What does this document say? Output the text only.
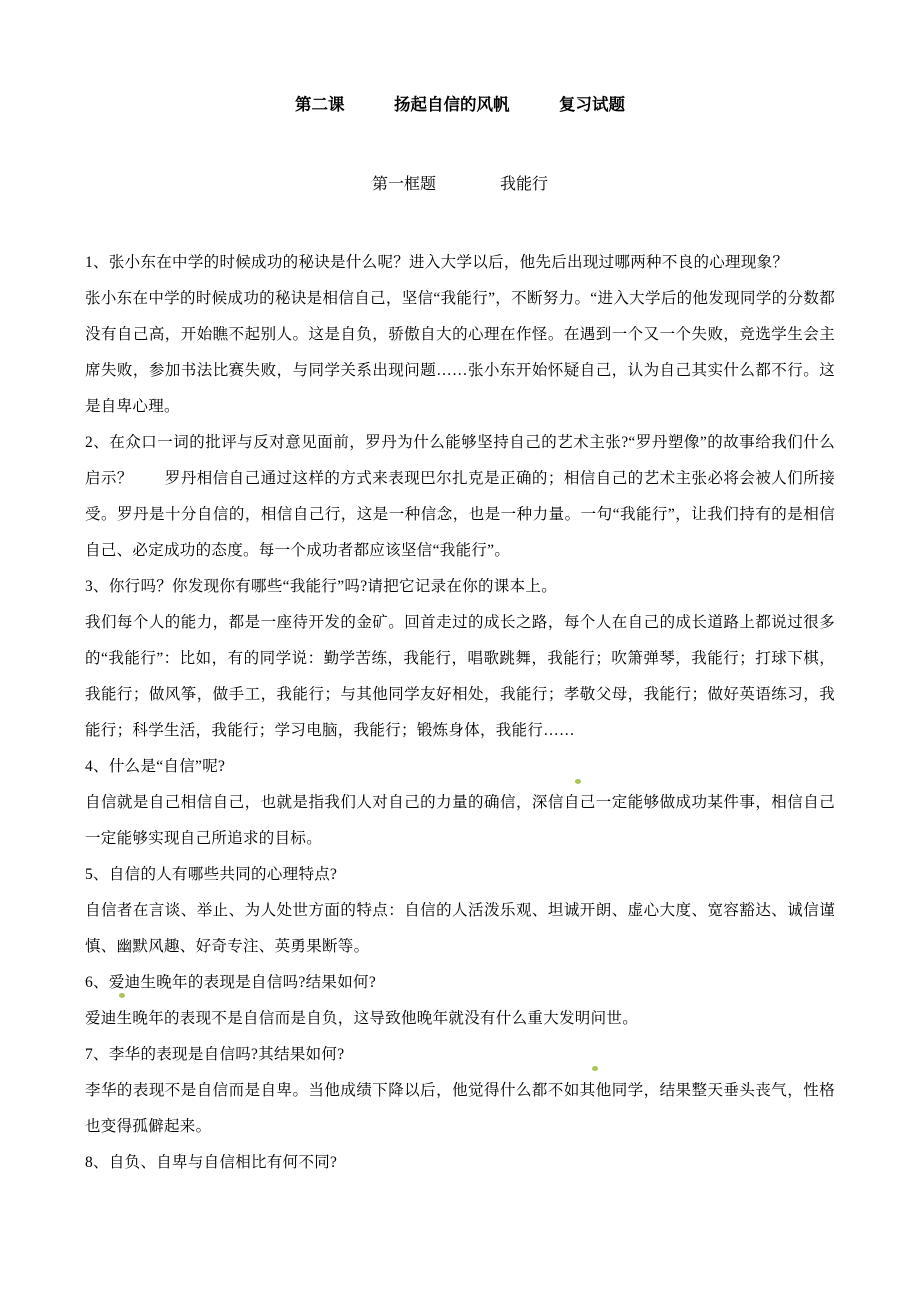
第二课　　　扬起自信的风帆　　　复习试题
第一框题　　　　我能行

1、张小东在中学的时候成功的秘诀是什么呢？进入大学以后，他先后出现过哪两种不良的心理现象？

张小东在中学的时候成功的秘诀是相信自己，坚信“我能行”，不断努力。“进入大学后的他发现同学的分数都没有自己高，开始瞧不起别人。这是自负，骄傲自大的心理在作怪。在遇到一个又一个失败，竞选学生会主席失败，参加书法比赛失败，与同学关系出现问题……张小东开始怀疑自己，认为自己其实什么都不行。这是自卑心理。

2、在众口一词的批评与反对意见面前，罗丹为什么能够坚持自己的艺术主张?“罗丹塑像”的故事给我们什么启示？　　罗丹相信自己通过这样的方式来表现巴尔扎克是正确的；相信自己的艺术主张必将会被人们所接受。罗丹是十分自信的，相信自己行，这是一种信念，也是一种力量。一句“我能行”，让我们持有的是相信自己、必定成功的态度。每一个成功者都应该坚信“我能行”。

3、你行吗？你发现你有哪些“我能行”吗?请把它记录在你的课本上。

我们每个人的能力，都是一座待开发的金矿。回首走过的成长之路，每个人在自己的成长道路上都说过很多的“我能行”：比如，有的同学说：勤学苦练，我能行，唱歌跳舞，我能行；吹箫弹琴，我能行；打球下棋，我能行；做风筝，做手工，我能行；与其他同学友好相处，我能行；孝敬父母，我能行；做好英语练习，我能行；科学生活，我能行；学习电脑，我能行；锻炼身体，我能行……

4、什么是“自信”呢?

自信就是自己相信自己，也就是指我们人对自己的力量的确信，深信自己一定能够做成功某件事，相信自己一定能够实现自己所追求的目标。

5、自信的人有哪些共同的心理特点?

自信者在言谈、举止、为人处世方面的特点：自信的人活泼乐观、坦诚开朗、虚心大度、宽容豁达、诚信谨慎、幽默风趣、好奇专注、英勇果断等。

6、爱迪生晚年的表现是自信吗?结果如何?

爱迪生晚年的表现不是自信而是自负，这导致他晚年就没有什么重大发明问世。

7、李华的表现是自信吗?其结果如何?

李华的表现不是自信而是自卑。当他成绩下降以后，他觉得什么都不如其他同学，结果整天垂头丧气，性格也变得孤僻起来。

8、自负、自卑与自信相比有何不同?
